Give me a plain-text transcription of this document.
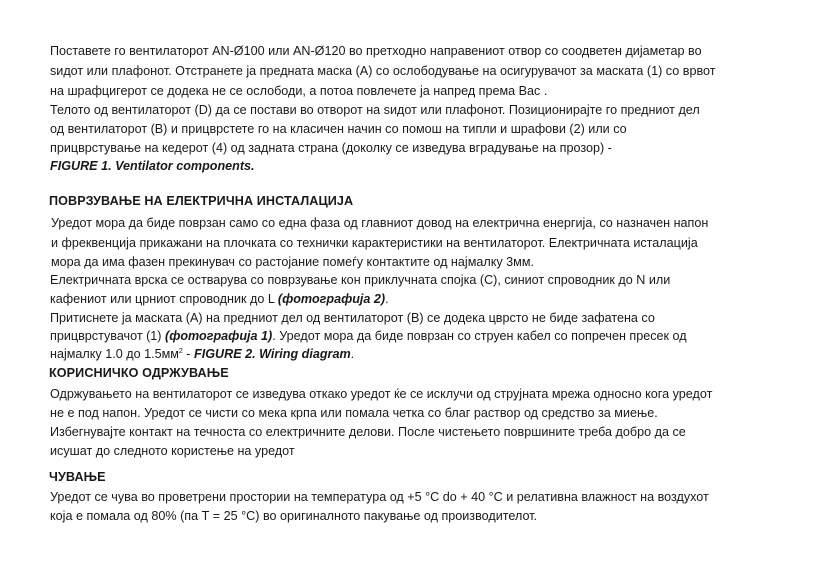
Поставете го вентилаторот AN-Ø100 или AN-Ø120 во претходно направениот отвор со соодветен дијаметар во
ѕидот или плафонот. Отстранете ја предната маска (А) со ослободување на осигурувачот за маската (1) со врвот
на шрафцигерот се додека не се ослободи, а потоа повлечете ја напред према Вас .
Телото од вентилаторот (D) да се постави во отворот на ѕидот или плафонот. Позиционирајте го предниот дел
од вентилаторот (B) и прицврстете го на класичен начин со помош на типли и шрафови (2) или со
прицврстување на кедерот (4) од задната страна (доколку се изведува вградување на прозор) -
FIGURE 1. Ventilator components.
ПОВРЗУВАЊЕ НА ЕЛЕКТРИЧНА ИНСТАЛАЦИЈА
Уредот мора да биде поврзан само со една фаза од главниот довод на електрична енергија, со назначен напон
и фреквенција прикажани на плочката со технички карактеристики на вентилаторот. Електричната исталација
мора да има фазен прекинувач со растојание помеѓу контактите од најмалку 3мм.
Електричната врска се остварува со поврзување кон приклучната спојка (С), синиот спроводник до N или
кафениот или црниот спроводник до L (фотографија 2).
Притиснете ја маската (А) на предниот дел од вентилаторот (В) се додека цврсто не биде зафатена со
прицврстувачот (1) (фотографија 1). Уредот мора да биде поврзан со струен кабел со попречен пресек од
најмалку 1.0 до $1.5мм^2$ - FIGURE 2. Wiring diagram.
КОРИСНИЧКО ОДРЖУВАЊЕ
Одржувањето на вентилаторот се изведува откако уредот ќе се исклучи од струјната мрежа односно кога уредот
не е под напон. Уредот се чисти со мека крпа или помала четка со благ раствор од средство за миење.
Избегнувајте контакт на течноста со електричните делови. После чистењето површините треба добро да се
исушат до следното користење на уредот
ЧУВАЊЕ
Уредот се чува во проветрени простории на температура од +5 °С do + 40 °С и релативна влажност на воздухот
која е помала од 80% (па Т = 25 °С) во оригиналното пакување од производителот.
